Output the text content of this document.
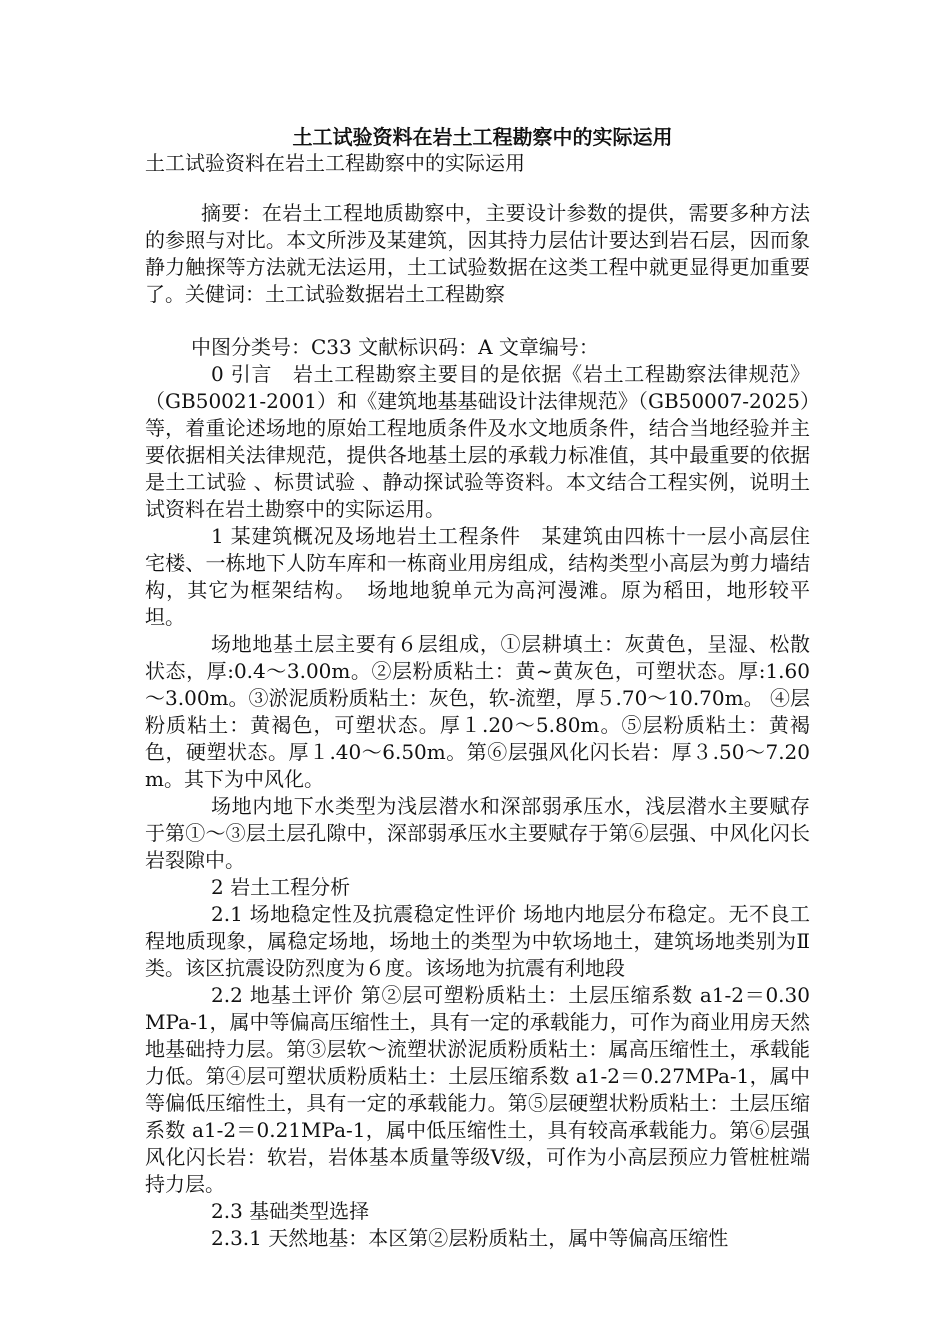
土工试验资料在岩土工程勘察中的实际运用
土工试验资料在岩土工程勘察中的实际运用

摘要：在岩土工程地质勘察中，主要设计参数的提供，需要多种方法的参照与对比。本文所涉及某建筑，因其持力层估计要达到岩石层，因而象静力触探等方法就无法运用，土工试验数据在这类工程中就更显得更加重要了。关健词：土工试验数据岩土工程勘察

中图分类号：C33 文献标识码：A 文章编号：

0 引言　岩土工程勘察主要目的是依据《岩土工程勘察法律规范》（GB50021-2001）和《建筑地基基础设计法律规范》（GB50007-2025）等，着重论述场地的原始工程地质条件及水文地质条件，结合当地经验并主要依据相关法律规范，提供各地基土层的承载力标准值，其中最重要的依据是土工试验 、标贯试验 、静动探试验等资料。本文结合工程实例，说明土试资料在岩土勘察中的实际运用。

1 某建筑概况及场地岩土工程条件　某建筑由四栋十一层小高层住宅楼、一栋地下人防车库和一栋商业用房组成，结构类型小高层为剪力墙结构，其它为框架结构。　场地地貌单元为高河漫滩。原为稻田，地形较平坦。

场地地基土层主要有６层组成，①层耕填土：灰黄色，呈湿、松散状态，厚:0.4～3.00m。②层粉质粘土：黄~黄灰色，可塑状态。厚:1.60～3.00m。③淤泥质粉质粘土：灰色，软-流塑，厚５.70～10.70m。 ④层粉质粘土：黄褐色，可塑状态。厚１.20～5.80m。⑤层粉质粘土：黄褐色，硬塑状态。厚１.40～6.50m。第⑥层强风化闪长岩：厚３.50～7.20m。其下为中风化。

场地内地下水类型为浅层潜水和深部弱承压水，浅层潜水主要赋存于第①～③层土层孔隙中，深部弱承压水主要赋存于第⑥层强、中风化闪长岩裂隙中。

2 岩土工程分析

2.1 场地稳定性及抗震稳定性评价 场地内地层分布稳定。无不良工程地质现象，属稳定场地，场地土的类型为中软场地土，建筑场地类别为Ⅱ类。该区抗震设防烈度为６度。该场地为抗震有利地段

2.2 地基土评价 第②层可塑粉质粘土：土层压缩系数 a1-2＝0.30MPa-1，属中等偏高压缩性土，具有一定的承载能力，可作为商业用房天然地基础持力层。第③层软～流塑状淤泥质粉质粘土：属高压缩性土，承载能力低。第④层可塑状质粉质粘土：土层压缩系数 a1-2＝0.27MPa-1，属中等偏低压缩性土，具有一定的承载能力。第⑤层硬塑状粉质粘土：土层压缩系数 a1-2＝0.21MPa-1，属中低压缩性土，具有较高承载能力。第⑥层强风化闪长岩：软岩，岩体基本质量等级Ⅴ级，可作为小高层预应力管桩桩端持力层。

2.3 基础类型选择

2.3.1 天然地基：本区第②层粉质粘土，属中等偏高压缩性
